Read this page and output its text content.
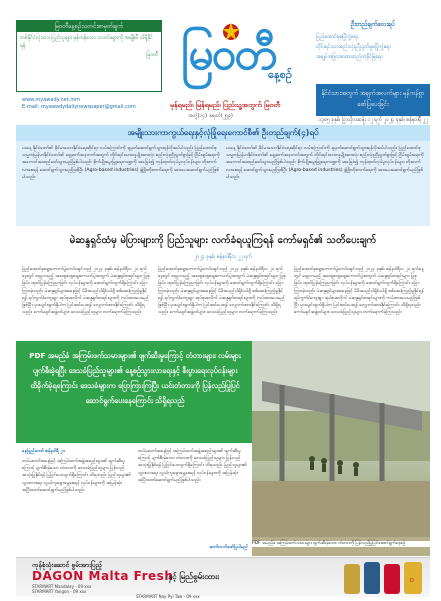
မြဝတီနေ့စဉ်သတင်းစာမှတ်ချက်
တစ်နိုင်ငံလုံးသား ပြည်သူများ မှန်ကန်သော သတင်းများကို အချိန်မီ သိရှိနိုင်ရန်
မြဝတီ မြဝတီ
နေ့စဉ်
ဦးတည်ချက်လေးရပ်
ပြည်ထောင်စုမပြိုကွဲရေး
တိုင်းရင်းသားစည်းလုံးညီညွတ်မှုမပြိုကွဲရေး
အချုပ်အခြာအာဏာတည်တံ့ခိုင်မြဲရေး
နိုင်ငံသားအတွက် အချက်အလက်များ မှန်ကန်စွာ ဖော်ပြပေးခြင်း
www.myawady.net.mm
E-mail: myawadydailynewspaper@gmail.com	မှန်ရမည်၊ မြန်ရမည်၊ ပြည်သူ့အတွက် မြဝတီ
အတွဲ(၁၄) အမှတ်(၂၅၉)
၁၃၈၅ ခုနှစ်၊ ပြာသိုလဆန်း ၁၂ ရက် ၂၀၂၄ ခုနှစ်၊ ဇန်နဝါရီ ၂၂
အမျိုးသားကာကွယ်ရေးနှင့်လုံခြုံရေးကောင်စီ၏ ဦးတည်ချက်(၄)ရပ်
ယနေ့ နိုင်ငံတော်၏ ခိုင်မာသောနိုင်ငံရေးဆိုင်ရာ လမ်းကြောင်းကို ချမှတ်ဆောင်ရွက်သွားရန်လိုအပ်ပါသည်။ ပြည်ထောင်စုသမ္မတမြန်မာနိုင်ငံတော်၏ ရှေ့ဆက်အနာဂတ်အတွက် တိုင်းရင်းသားလူမျိုးအားလုံး စည်းလုံးညီညွတ်စွာဖြင့် ငြိမ်းချမ်းရေးကို အကောင်အထည်ဖော်သွားမည်ဖြစ်ပါသည်။ စိုက်ပျိုးမွေးမြူရေးကဏ္ဍကို အခြေခံ၍ ကုန်ထုတ်လုပ်မှုလုပ်ငန်းများ တိုးတက်လာစေရန် ဆောင်ရွက်သွားမည်ဖြစ်ပြီး (Agro-based industries) ဖွံ့ဖြိုးတိုးတက်ရေးကို အားပေးဆောင်ရွက်မည်ဖြစ်ပါသည်။
ယနေ့ နိုင်ငံတော်၏ ခိုင်မာသောနိုင်ငံရေးဆိုင်ရာ လမ်းကြောင်းကို ချမှတ်ဆောင်ရွက်သွားရန်လိုအပ်ပါသည်။ ပြည်ထောင်စုသမ္မတမြန်မာနိုင်ငံတော်၏ ရှေ့ဆက်အနာဂတ်အတွက် တိုင်းရင်းသားလူမျိုးအားလုံး စည်းလုံးညီညွတ်စွာဖြင့် ငြိမ်းချမ်းရေးကို အကောင်အထည်ဖော်သွားမည်ဖြစ်ပါသည်။ စိုက်ပျိုးမွေးမြူရေးကဏ္ဍကို အခြေခံ၍ ကုန်ထုတ်လုပ်မှုလုပ်ငန်းများ တိုးတက်လာစေရန် ဆောင်ရွက်သွားမည်ဖြစ်ပြီး (Agro-based industries) ဖွံ့ဖြိုးတိုးတက်ရေးကို အားပေးဆောင်ရွက်မည်ဖြစ်ပါသည်။
မဲဆန္ဒရှင်ထံမှ မဲပြားများကို ပြည်သူများ လက်ခံရယူကြရန် ကော်မရှင်၏ သတိပေးချက်
၂၀၂၄ ခုနှစ်၊ ဇန်နဝါရီလ ၂၂ ရက်
ပြည်ထောင်စုရွေးကောက်ပွဲကော်မရှင်သည် ၂၀၂၄ ခုနှစ်၊ ဇန်နဝါရီလ ၂၁ ရက်နေ့တွင် ရှေ့လာမည့် အထွေထွေရွေးကောက်ပွဲအတွက် မဲဆန္ဒရှင်စာရင်းများ ပြုစုခြင်း၊ ထုတ်ပြန်ကြေညာခြင်း လုပ်ငန်းများကို ဆောင်ရွက်လျက်ရှိကြောင်း ပြောကြားခဲ့သည်။ မဲဆန္ဒရှင်များအနေဖြင့် မိမိအမည်ပါရှိ/မပါရှိ စစ်ဆေးကြည့်ရှုနိုင်ရန် ရပ်ကွက်/ကျေးရွာ အုပ်စုအလိုက် မဲဆန္ဒရှင်စာရင်းများကို ကပ်ထားပေးမည်ဖြစ်ပြီး မှားယွင်းချက်ရှိပါက ပြင်ဆင်ပေးရန် လျှောက်ထားနိုင်ကြောင်း သိရှိရသည်။ ကော်မရှင်အဖွဲ့ဝင်များ၊ ဒေသခံပြည်သူများ တက်ရောက်ခဲ့ကြသည်။
ပြည်ထောင်စုရွေးကောက်ပွဲကော်မရှင်သည် ၂၀၂၄ ခုနှစ်၊ ဇန်နဝါရီလ ၂၁ ရက်နေ့တွင် ရှေ့လာမည့် အထွေထွေရွေးကောက်ပွဲအတွက် မဲဆန္ဒရှင်စာရင်းများ ပြုစုခြင်း၊ ထုတ်ပြန်ကြေညာခြင်း လုပ်ငန်းများကို ဆောင်ရွက်လျက်ရှိကြောင်း ပြောကြားခဲ့သည်။ မဲဆန္ဒရှင်များအနေဖြင့် မိမိအမည်ပါရှိ/မပါရှိ စစ်ဆေးကြည့်ရှုနိုင်ရန် ရပ်ကွက်/ကျေးရွာ အုပ်စုအလိုက် မဲဆန္ဒရှင်စာရင်းများကို ကပ်ထားပေးမည်ဖြစ်ပြီး မှားယွင်းချက်ရှိပါက ပြင်ဆင်ပေးရန် လျှောက်ထားနိုင်ကြောင်း သိရှိရသည်။ ကော်မရှင်အဖွဲ့ဝင်များ၊ ဒေသခံပြည်သူများ တက်ရောက်ခဲ့ကြသည်။
ပြည်ထောင်စုရွေးကောက်ပွဲကော်မရှင်သည် ၂၀၂၄ ခုနှစ်၊ ဇန်နဝါရီလ ၂၁ ရက်နေ့တွင် ရှေ့လာမည့် အထွေထွေရွေးကောက်ပွဲအတွက် မဲဆန္ဒရှင်စာရင်းများ ပြုစုခြင်း၊ ထုတ်ပြန်ကြေညာခြင်း လုပ်ငန်းများကို ဆောင်ရွက်လျက်ရှိကြောင်း ပြောကြားခဲ့သည်။ မဲဆန္ဒရှင်များအနေဖြင့် မိမိအမည်ပါရှိ/မပါရှိ စစ်ဆေးကြည့်ရှုနိုင်ရန် ရပ်ကွက်/ကျေးရွာ အုပ်စုအလိုက် မဲဆန္ဒရှင်စာရင်းများကို ကပ်ထားပေးမည်ဖြစ်ပြီး မှားယွင်းချက်ရှိပါက ပြင်ဆင်ပေးရန် လျှောက်ထားနိုင်ကြောင်း သိရှိရသည်။ ကော်မရှင်အဖွဲ့ဝင်များ၊ ဒေသခံပြည်သူများ တက်ရောက်ခဲ့ကြသည်။
PDF အမည်ခံ အကြမ်းဖက်သမားများ၏ ဖျက်ဆီးမှုကြောင့် တံတားများ၊ လမ်းများ ပျက်စီးခဲ့ရပြီး ဒေသခံပြည်သူများ၏ နေ့စဉ်သွားလာရေးနှင့် စီးပွားရေးလုပ်ငန်းများ ထိခိုက်ခဲ့ရကြောင်း ဒေသခံများက ပြောကြားကြပြီး ယင်းတံတားကို ပြန်လည်ပြုပြင်ဆောင်ရွက်ပေးနေကြောင်း သိရှိရသည်
PDF အမည်ခံ အကြမ်းဖက်သမားများ ဖျက်ဆီးခဲ့သော တံတားကို ပြန်လည်ပြုပြင်ဆောင်ရွက်နေစဉ်
နေပြည်တော် ဇန်နဝါရီ ၂၁
တပ်မတော်အနေဖြင့် အကြမ်းဖက်အဖွဲ့အစည်းများ၏ ဖျက်ဆီးမှုကြောင့် ပျက်စီးခဲ့သော တံတားကို ဒေသခံပြည်သူများ ပြန်လည်အသုံးပြုနိုင်ရန် ပြုပြင်ပေးလျက်ရှိကြောင်း သိရသည်။ ပြည်သူများ၏ သွားလာရေး လွယ်ကူချောမွေ့စေရန် လုပ်ငန်းများကို အမြန်ဆုံး အပြီးသတ်ဆောင်ရွက်မည်ဖြစ်ပါသည်။
တပ်မတော်အနေဖြင့် အကြမ်းဖက်အဖွဲ့အစည်းများ၏ ဖျက်ဆီးမှုကြောင့် ပျက်စီးခဲ့သော တံတားကို ဒေသခံပြည်သူများ ပြန်လည်အသုံးပြုနိုင်ရန် ပြုပြင်ပေးလျက်ရှိကြောင်း သိရသည်။ ပြည်သူများ၏ သွားလာရေး လွယ်ကူချောမွေ့စေရန် လုပ်ငန်းများကို အမြန်ဆုံး အပြီးသတ်ဆောင်ရွက်မည်ဖြစ်ပါသည်။
ဆက်လက်ဖော်ပြပါမည်
ကုန်စုံသုံးဆောင် စွမ်းအားပြည့်
DAGON Malta Fresh
နှင့် မြည်စွမ်းထားး
STARMART Mandalay - 09 xxx
STARMART Yangon - 09 xxx
STARMART Nay Pyi Taw - 09 xxx
D
